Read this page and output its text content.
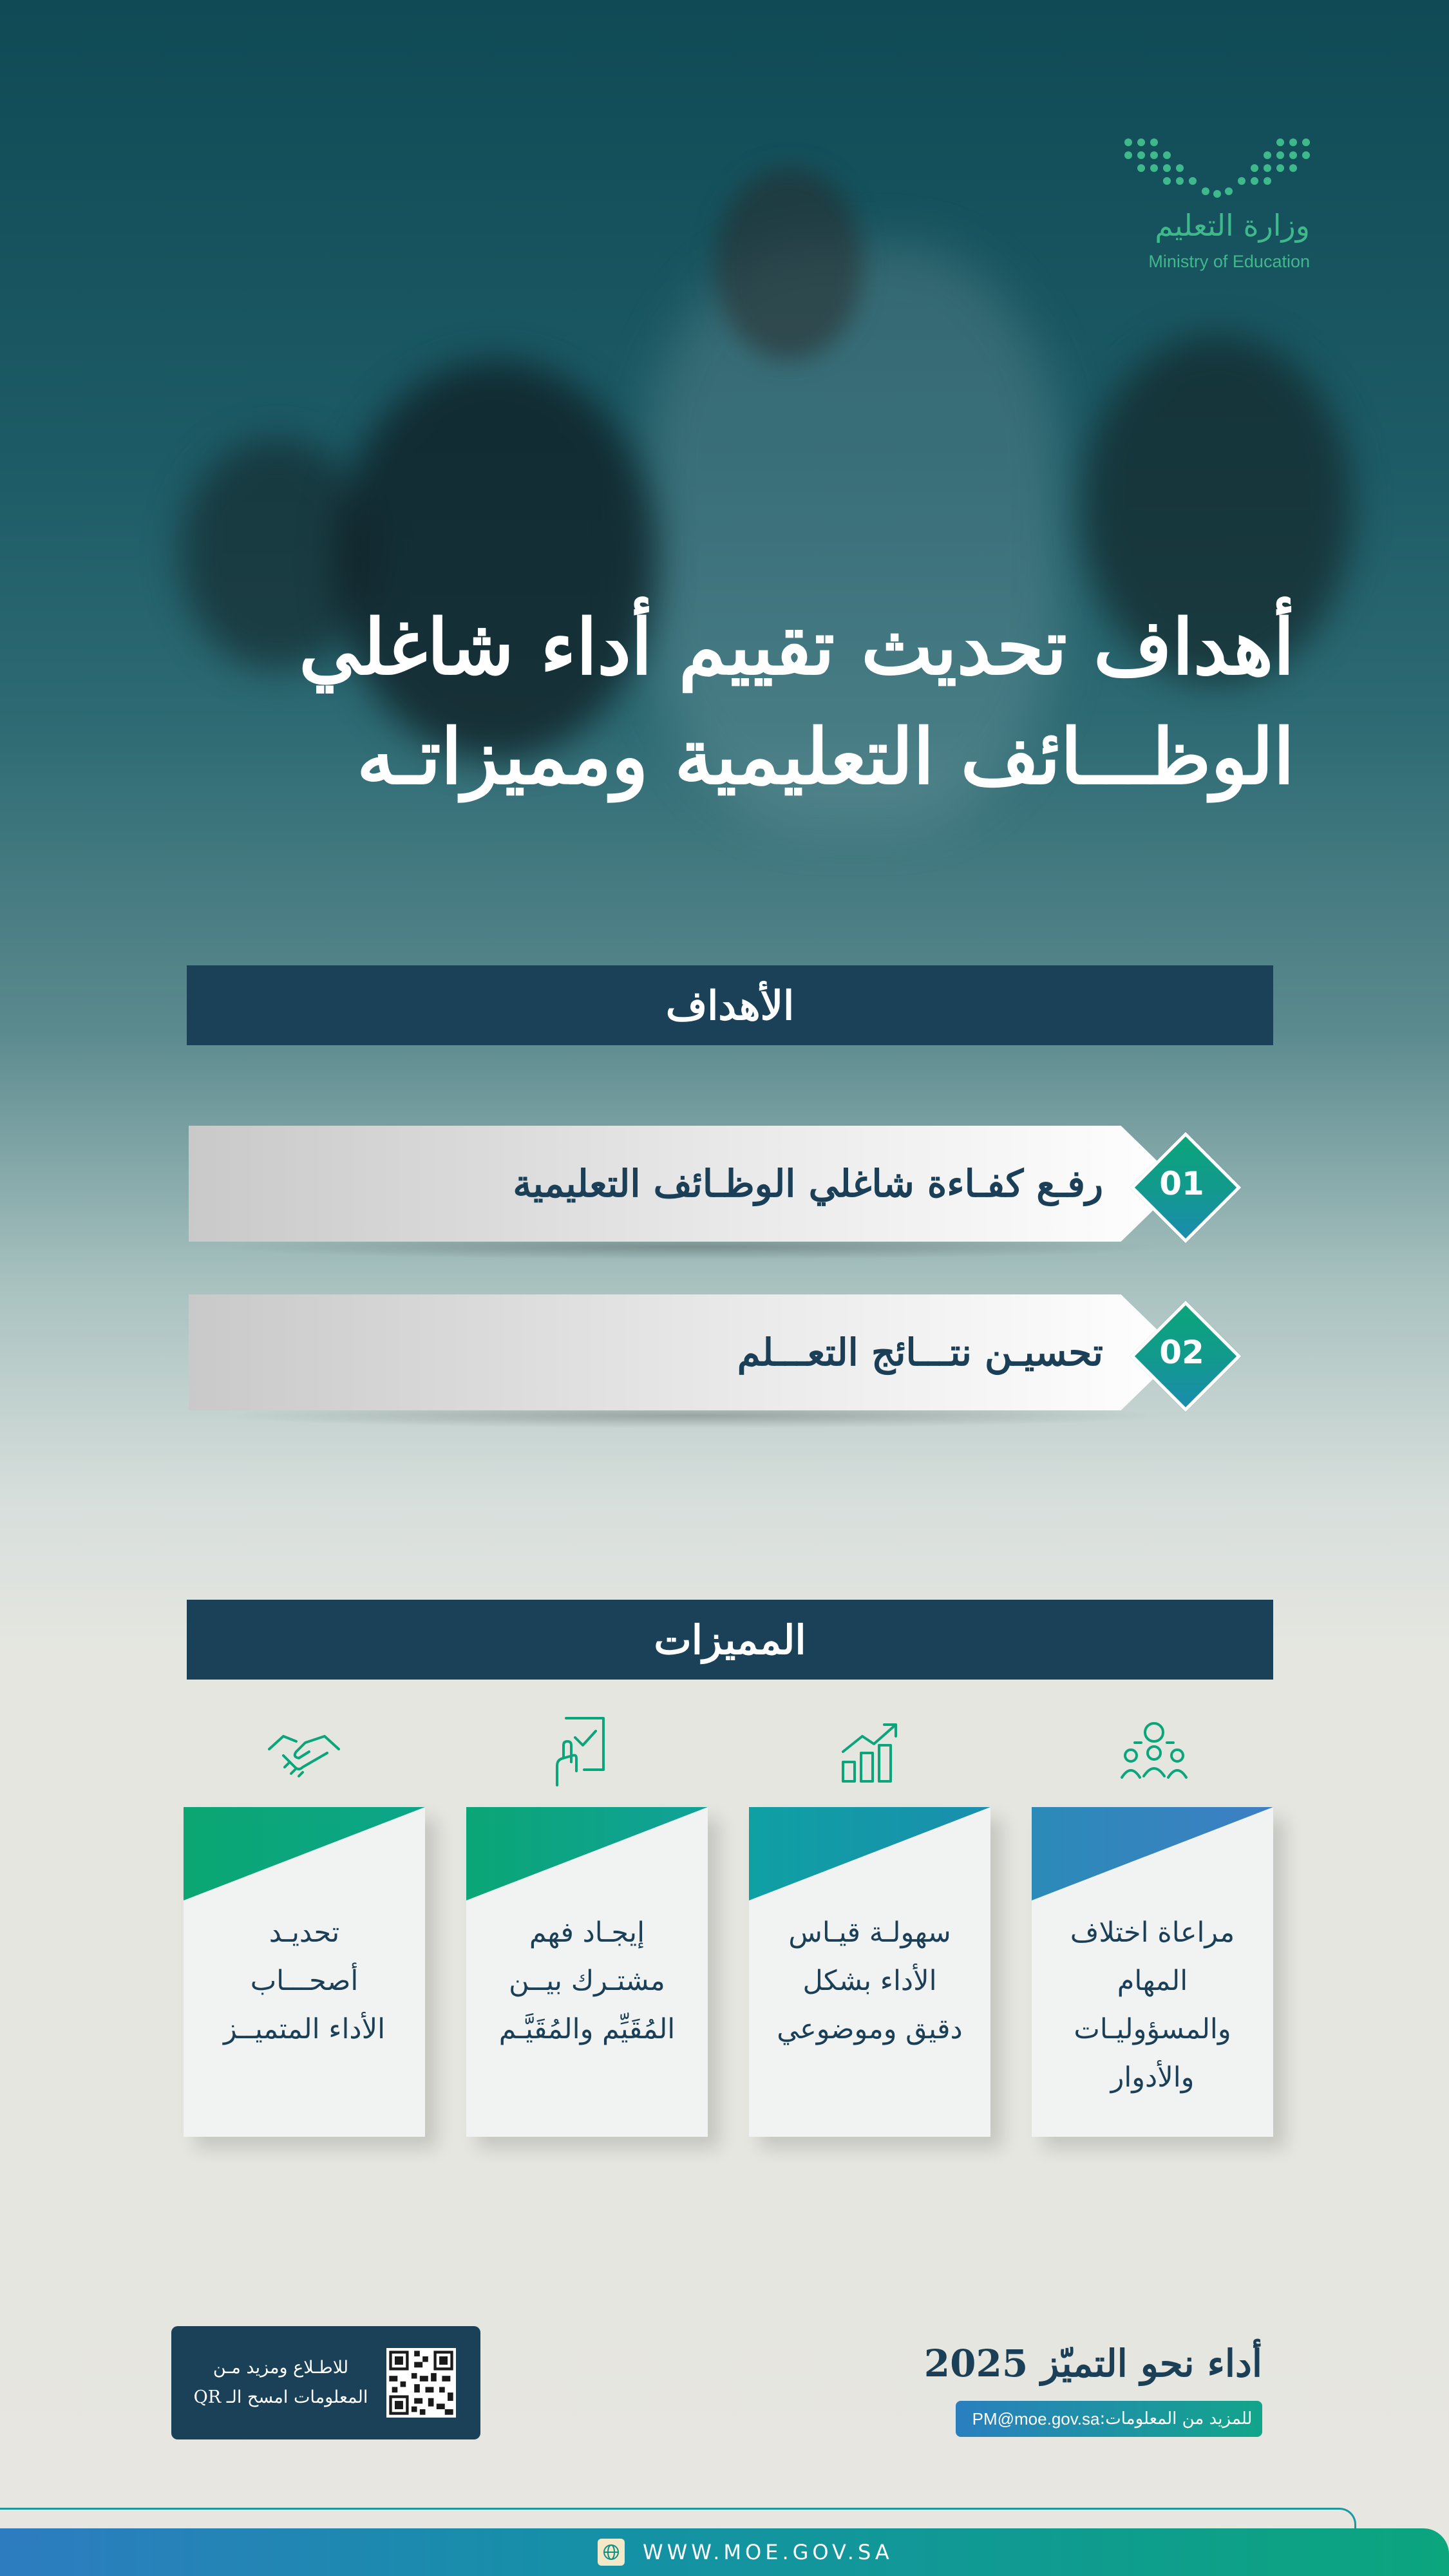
وزارة التعليم
Ministry of Education
أهداف تحديث تقييم أداء شاغلي
الوظـــائف التعليمية ومميزاتـه
الأهداف
رفـع كفـاءة شاغلي الوظـائف التعليمية	01
تحسيـن نتـــائج التعـــلم	02
المميزات
مراعاة اختلاف
المهام
والمسؤوليـات
والأدوار
سهولـة قيـاس
الأداء بشكل
دقيق وموضوعي
إيجـاد فهم
مشتـرك بيــن
المُقَيِّم والمُقَيَّـم
تحديـد
أصحـــاب
الأداء المتميــز
أداء نحو التميّز 2025
للمزيد من المعلومات:
PM@moe.gov.sa
للاطـلاع ومزيد مـن
المعلومات امسح الـ QR
WWW.MOE.GOV.SA
